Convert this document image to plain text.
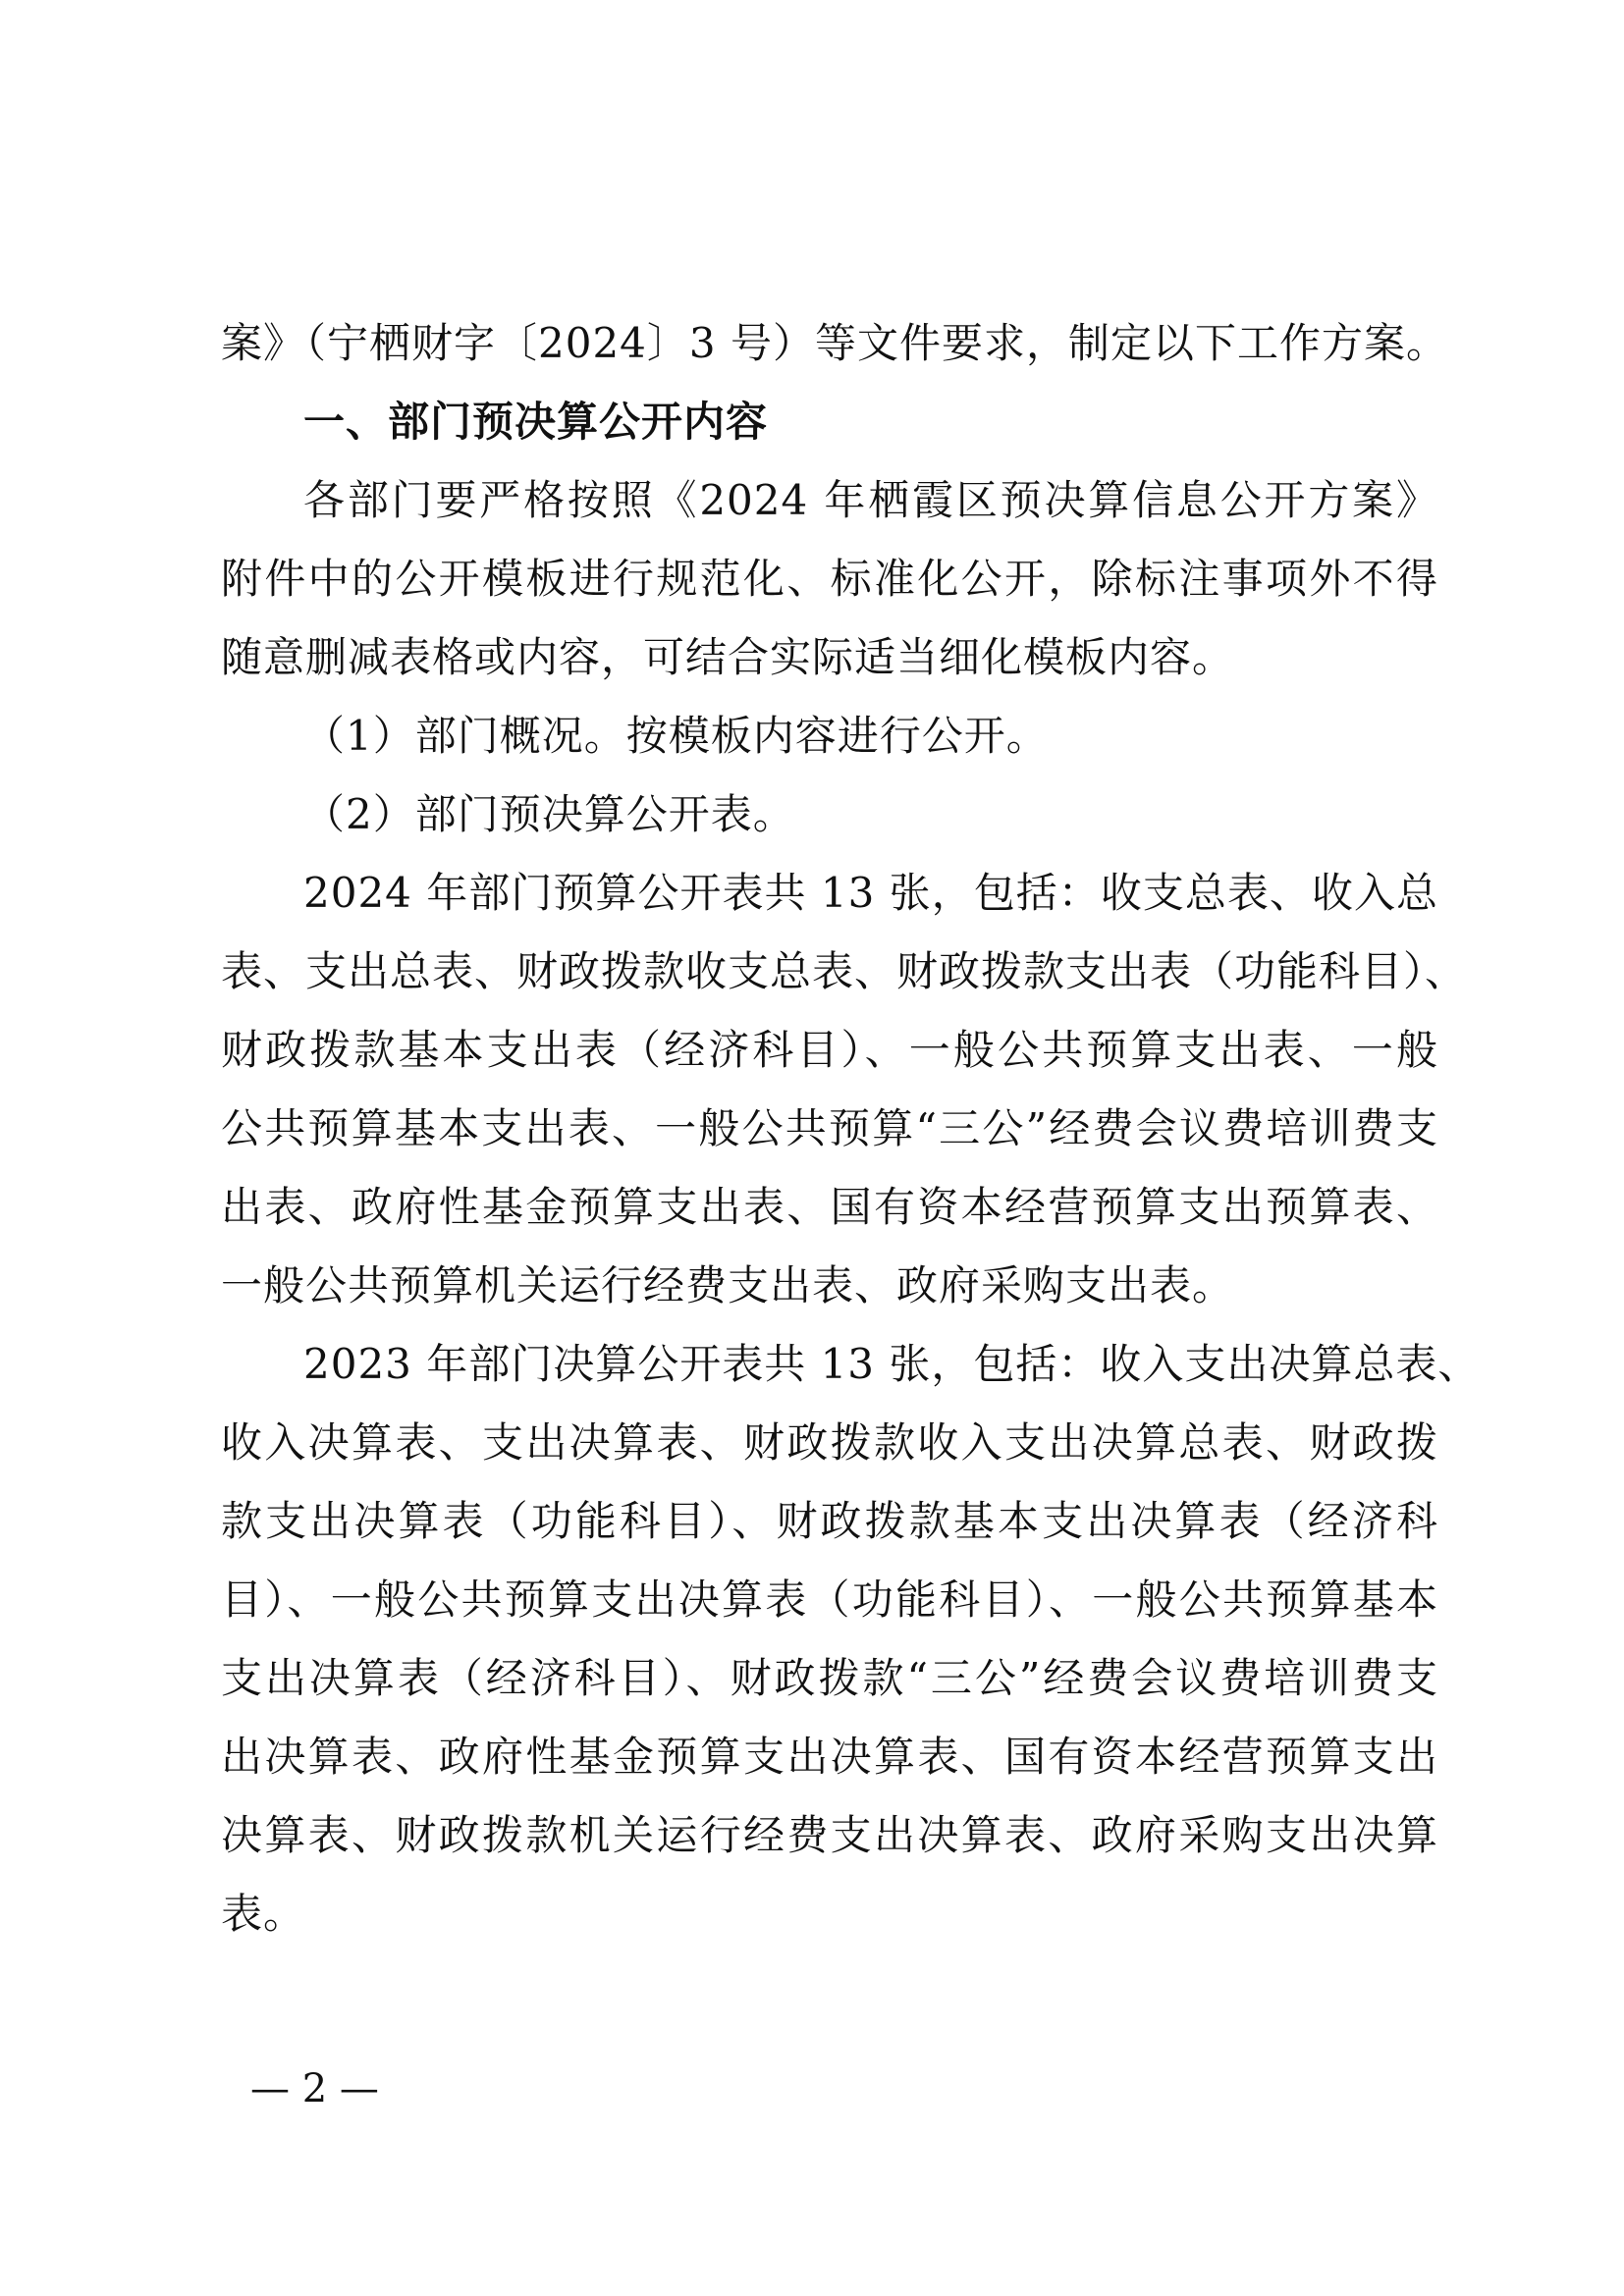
案》（宁栖财字〔2024〕3 号）等文件要求，制定以下工作方案。
一、部门预决算公开内容
各部门要严格按照《2024 年栖霞区预决算信息公开方案》
附件中的公开模板进行规范化、标准化公开，除标注事项外不得
随意删减表格或内容，可结合实际适当细化模板内容。
（1）部门概况。按模板内容进行公开。
（2）部门预决算公开表。
2024 年部门预算公开表共 13 张，包括：收支总表、收入总
表、支出总表、财政拨款收支总表、财政拨款支出表（功能科目）、
财政拨款基本支出表（经济科目）、一般公共预算支出表、一般
公共预算基本支出表、一般公共预算“三公”经费会议费培训费支
出表、政府性基金预算支出表、国有资本经营预算支出预算表、
一般公共预算机关运行经费支出表、政府采购支出表。
2023 年部门决算公开表共 13 张，包括：收入支出决算总表、
收入决算表、支出决算表、财政拨款收入支出决算总表、财政拨
款支出决算表（功能科目）、财政拨款基本支出决算表（经济科
目）、一般公共预算支出决算表（功能科目）、一般公共预算基本
支出决算表（经济科目）、财政拨款“三公”经费会议费培训费支
出决算表、政府性基金预算支出决算表、国有资本经营预算支出
决算表、财政拨款机关运行经费支出决算表、政府采购支出决算
表。
— 2 —
